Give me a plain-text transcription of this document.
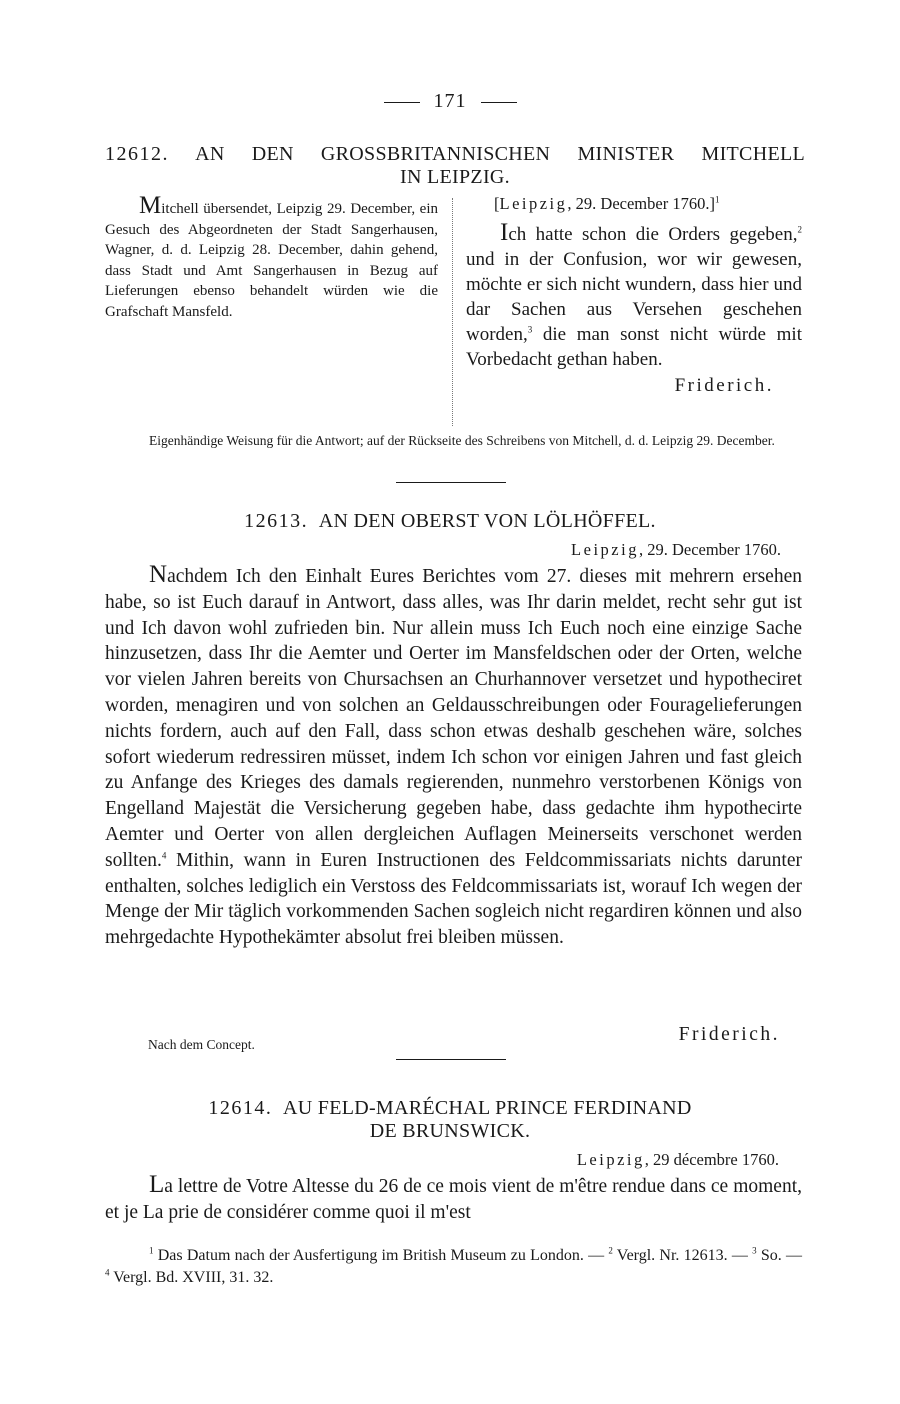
171
12612. AN DEN GROSSBRITANNISCHEN MINISTER MITCHELL
IN LEIPZIG.
Mitchell übersendet, Leipzig 29. December, ein Gesuch des Abgeordneten der Stadt Sangerhausen, Wagner, d. d. Leipzig 28. December, dahin gehend, dass Stadt und Amt Sangerhausen in Bezug auf Lieferungen ebenso behandelt würden wie die Grafschaft Mansfeld.
[Leipzig, 29. December 1760.]$^1$
Ich hatte schon die Orders gegeben,$^2$ und in der Confusion, wor wir gewesen, möchte er sich nicht wundern, dass hier und dar Sachen aus Versehen geschehen worden,$^3$ die man sonst nicht würde mit Vorbedacht gethan haben.
Friderich.
Eigenhändige Weisung für die Antwort; auf der Rückseite des Schreibens von Mitchell, d. d. Leipzig 29. December.
12613. AN DEN OBERST VON LÖLHÖFFEL.
Leipzig, 29. December 1760.
Nachdem Ich den Einhalt Eures Berichtes vom 27. dieses mit mehrern ersehen habe, so ist Euch darauf in Antwort, dass alles, was Ihr darin meldet, recht sehr gut ist und Ich davon wohl zufrieden bin. Nur allein muss Ich Euch noch eine einzige Sache hinzusetzen, dass Ihr die Aemter und Oerter im Mansfeldschen oder der Orten, welche vor vielen Jahren bereits von Chursachsen an Churhannover versetzet und hypotheciret worden, menagiren und von solchen an Geldausschreibungen oder Fouragelieferungen nichts fordern, auch auf den Fall, dass schon etwas deshalb geschehen wäre, solches sofort wiederum redressiren müsset, indem Ich schon vor einigen Jahren und fast gleich zu Anfange des Krieges des damals regierenden, nunmehro verstorbenen Königs von Engelland Majestät die Versicherung gegeben habe, dass gedachte ihm hypothecirte Aemter und Oerter von allen dergleichen Auflagen Meinerseits verschonet werden sollten.$^4$ Mithin, wann in Euren Instructionen des Feldcommissariats nichts darunter enthalten, solches lediglich ein Verstoss des Feldcommissariats ist, worauf Ich wegen der Menge der Mir täglich vorkommenden Sachen sogleich nicht regardiren können und also mehrgedachte Hypothekämter absolut frei bleiben müssen.
Nach dem Concept.	Friderich.
12614. AU FELD-MARÉCHAL PRINCE FERDINAND
DE BRUNSWICK.
Leipzig, 29 décembre 1760.
La lettre de Votre Altesse du 26 de ce mois vient de m'être rendue dans ce moment, et je La prie de considérer comme quoi il m'est
$^1$ Das Datum nach der Ausfertigung im British Museum zu London. — $^2$ Vergl. Nr. 12613. — $^3$ So. — $^4$ Vergl. Bd. XVIII, 31. 32.
